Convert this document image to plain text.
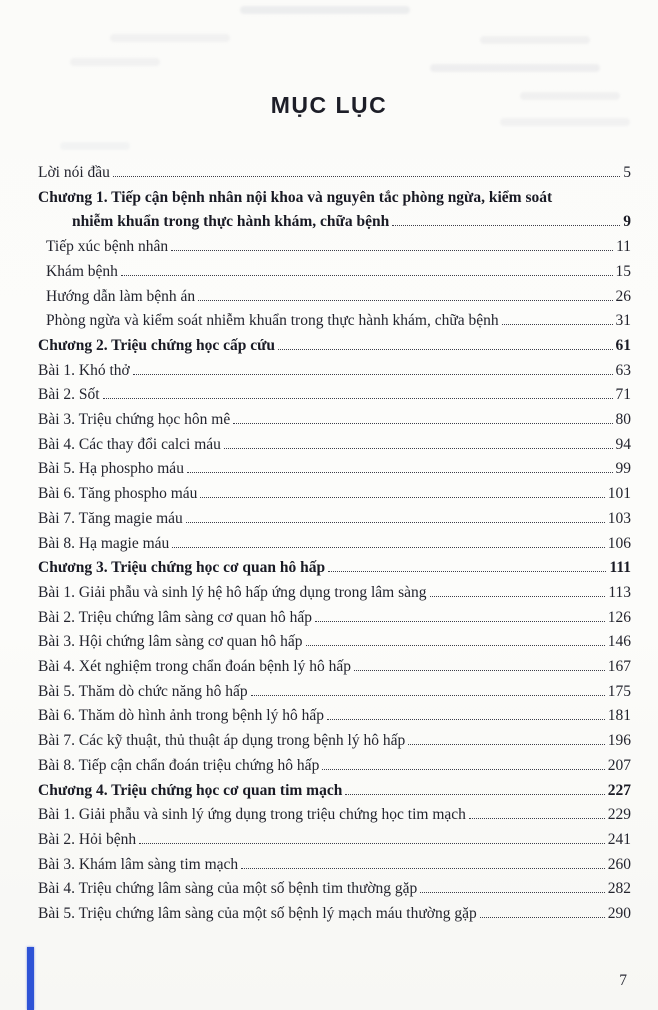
MỤC LỤC
Lời nói đầu	5
Chương 1. Tiếp cận bệnh nhân nội khoa và nguyên tắc phòng ngừa, kiểm soát
nhiễm khuẩn trong thực hành khám, chữa bệnh	9
Tiếp xúc bệnh nhân	11
Khám bệnh	15
Hướng dẫn làm bệnh án	26
Phòng ngừa và kiểm soát nhiễm khuẩn trong thực hành khám, chữa bệnh	31
Chương 2. Triệu chứng học cấp cứu	61
Bài 1. Khó thở	63
Bài 2. Sốt	71
Bài 3. Triệu chứng học hôn mê	80
Bài 4. Các thay đổi calci máu	94
Bài 5. Hạ phospho máu	99
Bài 6. Tăng phospho máu	101
Bài 7. Tăng magie máu	103
Bài 8. Hạ magie máu	106
Chương 3. Triệu chứng học cơ quan hô hấp	111
Bài 1. Giải phẫu và sinh lý hệ hô hấp ứng dụng trong lâm sàng	113
Bài 2. Triệu chứng lâm sàng cơ quan hô hấp	126
Bài 3. Hội chứng lâm sàng cơ quan hô hấp	146
Bài 4. Xét nghiệm trong chẩn đoán bệnh lý hô hấp	167
Bài 5. Thăm dò chức năng hô hấp	175
Bài 6. Thăm dò hình ảnh trong bệnh lý hô hấp	181
Bài 7. Các kỹ thuật, thủ thuật áp dụng trong bệnh lý hô hấp	196
Bài 8. Tiếp cận chẩn đoán triệu chứng hô hấp	207
Chương 4. Triệu chứng học cơ quan tim mạch	227
Bài 1. Giải phẫu và sinh lý ứng dụng trong triệu chứng học tim mạch	229
Bài 2. Hỏi bệnh	241
Bài 3. Khám lâm sàng tim mạch	260
Bài 4. Triệu chứng lâm sàng của một số bệnh tim thường gặp	282
Bài 5. Triệu chứng lâm sàng của một số bệnh lý mạch máu thường gặp	290
7
